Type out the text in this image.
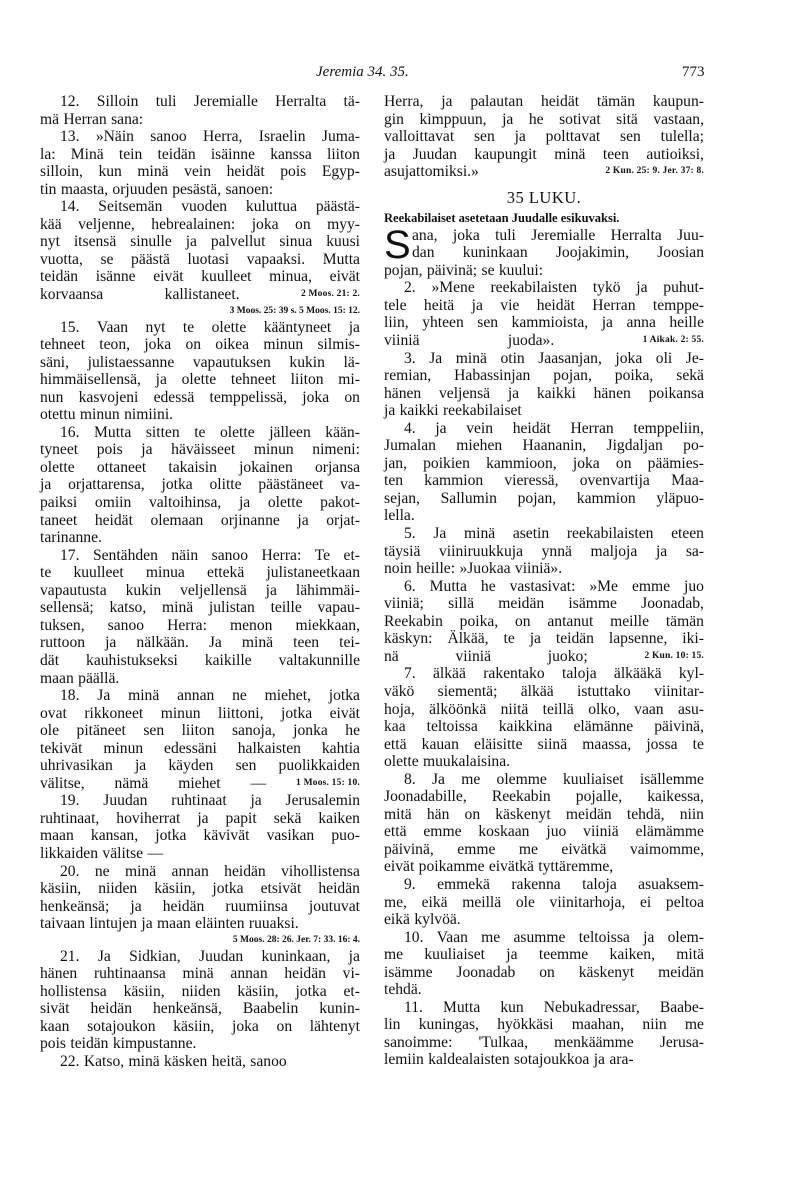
Jeremia 34. 35.	773
12. Silloin tuli Jeremialle Herralta tä-
mä Herran sana:
13. »Näin sanoo Herra, Israelin Juma-
la: Minä tein teidän isäinne kanssa liiton
silloin, kun minä vein heidät pois Egyp-
tin maasta, orjuuden pesästä, sanoen:
14. Seitsemän vuoden kuluttua päästä-
kää veljenne, hebrealainen: joka on myy-
nyt itsensä sinulle ja palvellut sinua kuusi
vuotta, se päästä luotasi vapaaksi. Mutta
teidän isänne eivät kuulleet minua, eivät
korvaansa	kallistaneet.	2 Moos. 21: 2.
3 Moos. 25: 39 s. 5 Moos. 15: 12.
15. Vaan nyt te olette kääntyneet ja
tehneet teon, joka on oikea minun silmis-
säni, julistaessanne vapautuksen kukin lä-
himmäisellensä, ja olette tehneet liiton mi-
nun kasvojeni edessä temppelissä, joka on
otettu minun nimiini.
16. Mutta sitten te olette jälleen kään-
tyneet pois ja häväisseet minun nimeni:
olette ottaneet takaisin jokainen orjansa
ja orjattarensa, jotka olitte päästäneet va-
paiksi omiin valtoihinsa, ja olette pakot-
taneet heidät olemaan orjinanne ja orjat-
tarinanne.
17. Sentähden näin sanoo Herra: Te et-
te kuulleet minua ettekä julistaneetkaan
vapautusta kukin veljellensä ja lähimmäi-
sellensä; katso, minä julistan teille vapau-
tuksen, sanoo Herra: menon miekkaan,
ruttoon ja nälkään. Ja minä teen tei-
dät kauhistukseksi kaikille valtakunnille
maan päällä.
18. Ja minä annan ne miehet, jotka
ovat rikkoneet minun liittoni, jotka eivät
ole pitäneet sen liiton sanoja, jonka he
tekivät minun edessäni halkaisten kahtia
uhrivasikan ja käyden sen puolikkaiden
välitse, nämä miehet —	1 Moos. 15: 10.
19. Juudan ruhtinaat ja Jerusalemin
ruhtinaat, hoviherrat ja papit sekä kaiken
maan kansan, jotka kävivät vasikan puo-
likkaiden välitse —
20. ne minä annan heidän vihollistensa
käsiin, niiden käsiin, jotka etsivät heidän
henkeänsä; ja heidän ruumiinsa joutuvat
taivaan lintujen ja maan eläinten ruuaksi.
5 Moos. 28: 26. Jer. 7: 33. 16: 4.
21. Ja Sidkian, Juudan kuninkaan, ja
hänen ruhtinaansa minä annan heidän vi-
hollistensa käsiin, niiden käsiin, jotka et-
sivät heidän henkeänsä, Baabelin kunin-
kaan sotajoukon käsiin, joka on lähtenyt
pois teidän kimpustanne.
22. Katso, minä käsken heitä, sanoo
Herra, ja palautan heidät tämän kaupun-
gin kimppuun, ja he sotivat sitä vastaan,
valloittavat sen ja polttavat sen tulella;
ja Juudan kaupungit minä teen autioiksi,
asujattomiksi.»	2 Kun. 25: 9. Jer. 37: 8.
35 LUKU.
Reekabilaiset asetetaan Juudalle esikuvaksi.
S ana, joka tuli Jeremialle Herralta Juu-
dan kuninkaan Joojakimin, Joosian
pojan, päivinä; se kuului:
2. »Mene reekabilaisten tykö ja puhut-
tele heitä ja vie heidät Herran temppe-
liin, yhteen sen kammioista, ja anna heille
viiniä	juoda».	1 Aikak. 2: 55.
3. Ja minä otin Jaasanjan, joka oli Je-
remian, Habassinjan pojan, poika, sekä
hänen veljensä ja kaikki hänen poikansa
ja kaikki reekabilaiset
4. ja vein heidät Herran temppeliin,
Jumalan miehen Haananin, Jigdaljan po-
jan, poikien kammioon, joka on päämies-
ten kammion vieressä, ovenvartija Maa-
sejan, Sallumin pojan, kammion yläpuo-
lella.
5. Ja minä asetin reekabilaisten eteen
täysiä viiniruukkuja ynnä maljoja ja sa-
noin heille: »Juokaa viiniä».
6. Mutta he vastasivat: »Me emme juo
viiniä; sillä meidän isämme Joonadab,
Reekabin poika, on antanut meille tämän
käskyn: Älkää, te ja teidän lapsenne, iki-
nä	viiniä	juoko;	2 Kun. 10: 15.
7. älkää rakentako taloja älkääkä kyl-
väkö siementä; älkää istuttako viinitar-
hoja, älköönkä niitä teillä olko, vaan asu-
kaa teltoissa kaikkina elämänne päivinä,
että kauan eläisitte siinä maassa, jossa te
olette muukalaisina.
8. Ja me olemme kuuliaiset isällemme
Joonadabille, Reekabin pojalle, kaikessa,
mitä hän on käskenyt meidän tehdä, niin
että emme koskaan juo viiniä elämämme
päivinä, emme me eivätkä vaimomme,
eivät poikamme eivätkä tyttäremme,
9. emmekä rakenna taloja asuaksem-
me, eikä meillä ole viinitarhoja, ei peltoa
eikä kylvöä.
10. Vaan me asumme teltoissa ja olem-
me kuuliaiset ja teemme kaiken, mitä
isämme Joonadab on käskenyt meidän
tehdä.
11. Mutta kun Nebukadressar, Baabe-
lin kuningas, hyökkäsi maahan, niin me
sanoimme: 'Tulkaa, menkäämme Jerusa-
lemiin kaldealaisten sotajoukkoa ja ara-
